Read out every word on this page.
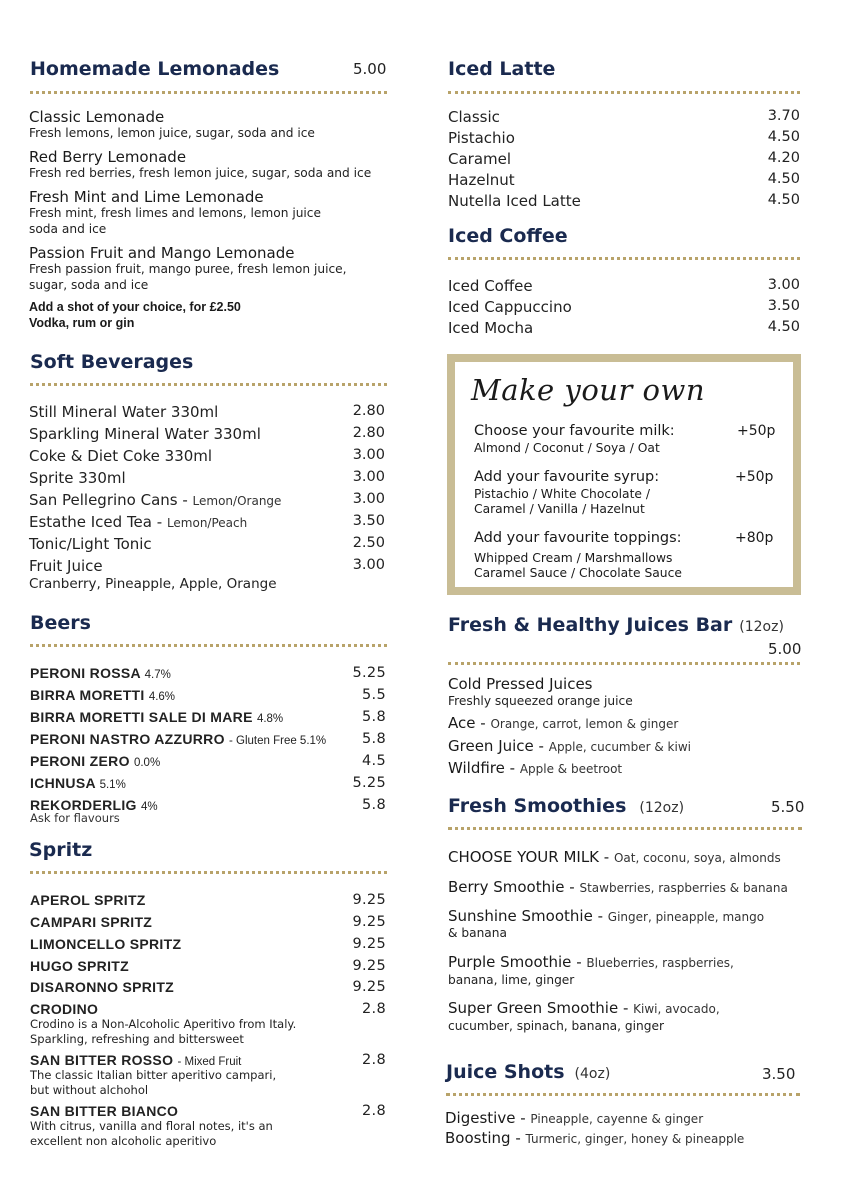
Homemade Lemonades	5.00
Classic Lemonade
Fresh lemons, lemon juice, sugar, soda and ice
Red Berry Lemonade
Fresh red berries, fresh lemon juice, sugar, soda and ice
Fresh Mint and Lime Lemonade
Fresh mint, fresh limes and lemons, lemon juice
soda and ice
Passion Fruit and Mango Lemonade
Fresh passion fruit, mango puree, fresh lemon juice,
sugar, soda and ice
Add a shot of your choice, for £2.50
Vodka, rum or gin
Soft Beverages
Still Mineral Water 330ml	2.80
Sparkling Mineral Water 330ml	2.80
Coke & Diet Coke 330ml	3.00
Sprite 330ml	3.00
San Pellegrino Cans - Lemon/Orange	3.00
Estathe Iced Tea - Lemon/Peach	3.50
Tonic/Light Tonic	2.50
Fruit Juice	3.00
Cranberry, Pineapple, Apple, Orange
Beers
PERONI ROSSA 4.7%	5.25
BIRRA MORETTI 4.6%	5.5
BIRRA MORETTI SALE DI MARE 4.8%	5.8
PERONI NASTRO AZZURRO - Gluten Free 5.1% 5.8
PERONI ZERO 0.0%	4.5
ICHNUSA 5.1%	5.25
REKORDERLIG 4%	5.8
Ask for flavours
Spritz
APEROL SPRITZ	9.25
CAMPARI SPRITZ	9.25
LIMONCELLO SPRITZ	9.25
HUGO SPRITZ	9.25
DISARONNO SPRITZ	9.25
CRODINO	2.8
Crodino is a Non-Alcoholic Aperitivo from Italy.
Sparkling, refreshing and bittersweet
SAN BITTER ROSSO - Mixed Fruit	2.8
The classic Italian bitter aperitivo campari,
but without alchohol
SAN BITTER BIANCO	2.8
With citrus, vanilla and floral notes, it's an
excellent non alcoholic aperitivo
Iced Latte
Classic	3.70
Pistachio	4.50
Caramel	4.20
Hazelnut	4.50
Nutella Iced Latte	4.50
Iced Coffee
Iced Coffee	3.00
Iced Cappuccino	3.50
Iced Mocha	4.50
Make your own
Choose your favourite milk:	+50p
Almond / Coconut / Soya / Oat
Add your favourite syrup:	+50p
Pistachio / White Chocolate /
Caramel / Vanilla / Hazelnut
Add your favourite toppings:	+80p
Whipped Cream / Marshmallows
Caramel Sauce / Chocolate Sauce
Fresh & Healthy Juices Bar (12oz)
5.00
Cold Pressed Juices
Freshly squeezed orange juice
Ace - Orange, carrot, lemon & ginger
Green Juice - Apple, cucumber & kiwi
Wildfire - Apple & beetroot
Fresh Smoothies (12oz)	5.50
CHOOSE YOUR MILK - Oat, coconu, soya, almonds
Berry Smoothie - Stawberries, raspberries & banana
Sunshine Smoothie - Ginger, pineapple, mango
& banana
Purple Smoothie - Blueberries, raspberries,
banana, lime, ginger
Super Green Smoothie - Kiwi, avocado,
cucumber, spinach, banana, ginger
Juice Shots (4oz)	3.50
Digestive - Pineapple, cayenne & ginger
Boosting - Turmeric, ginger, honey & pineapple
